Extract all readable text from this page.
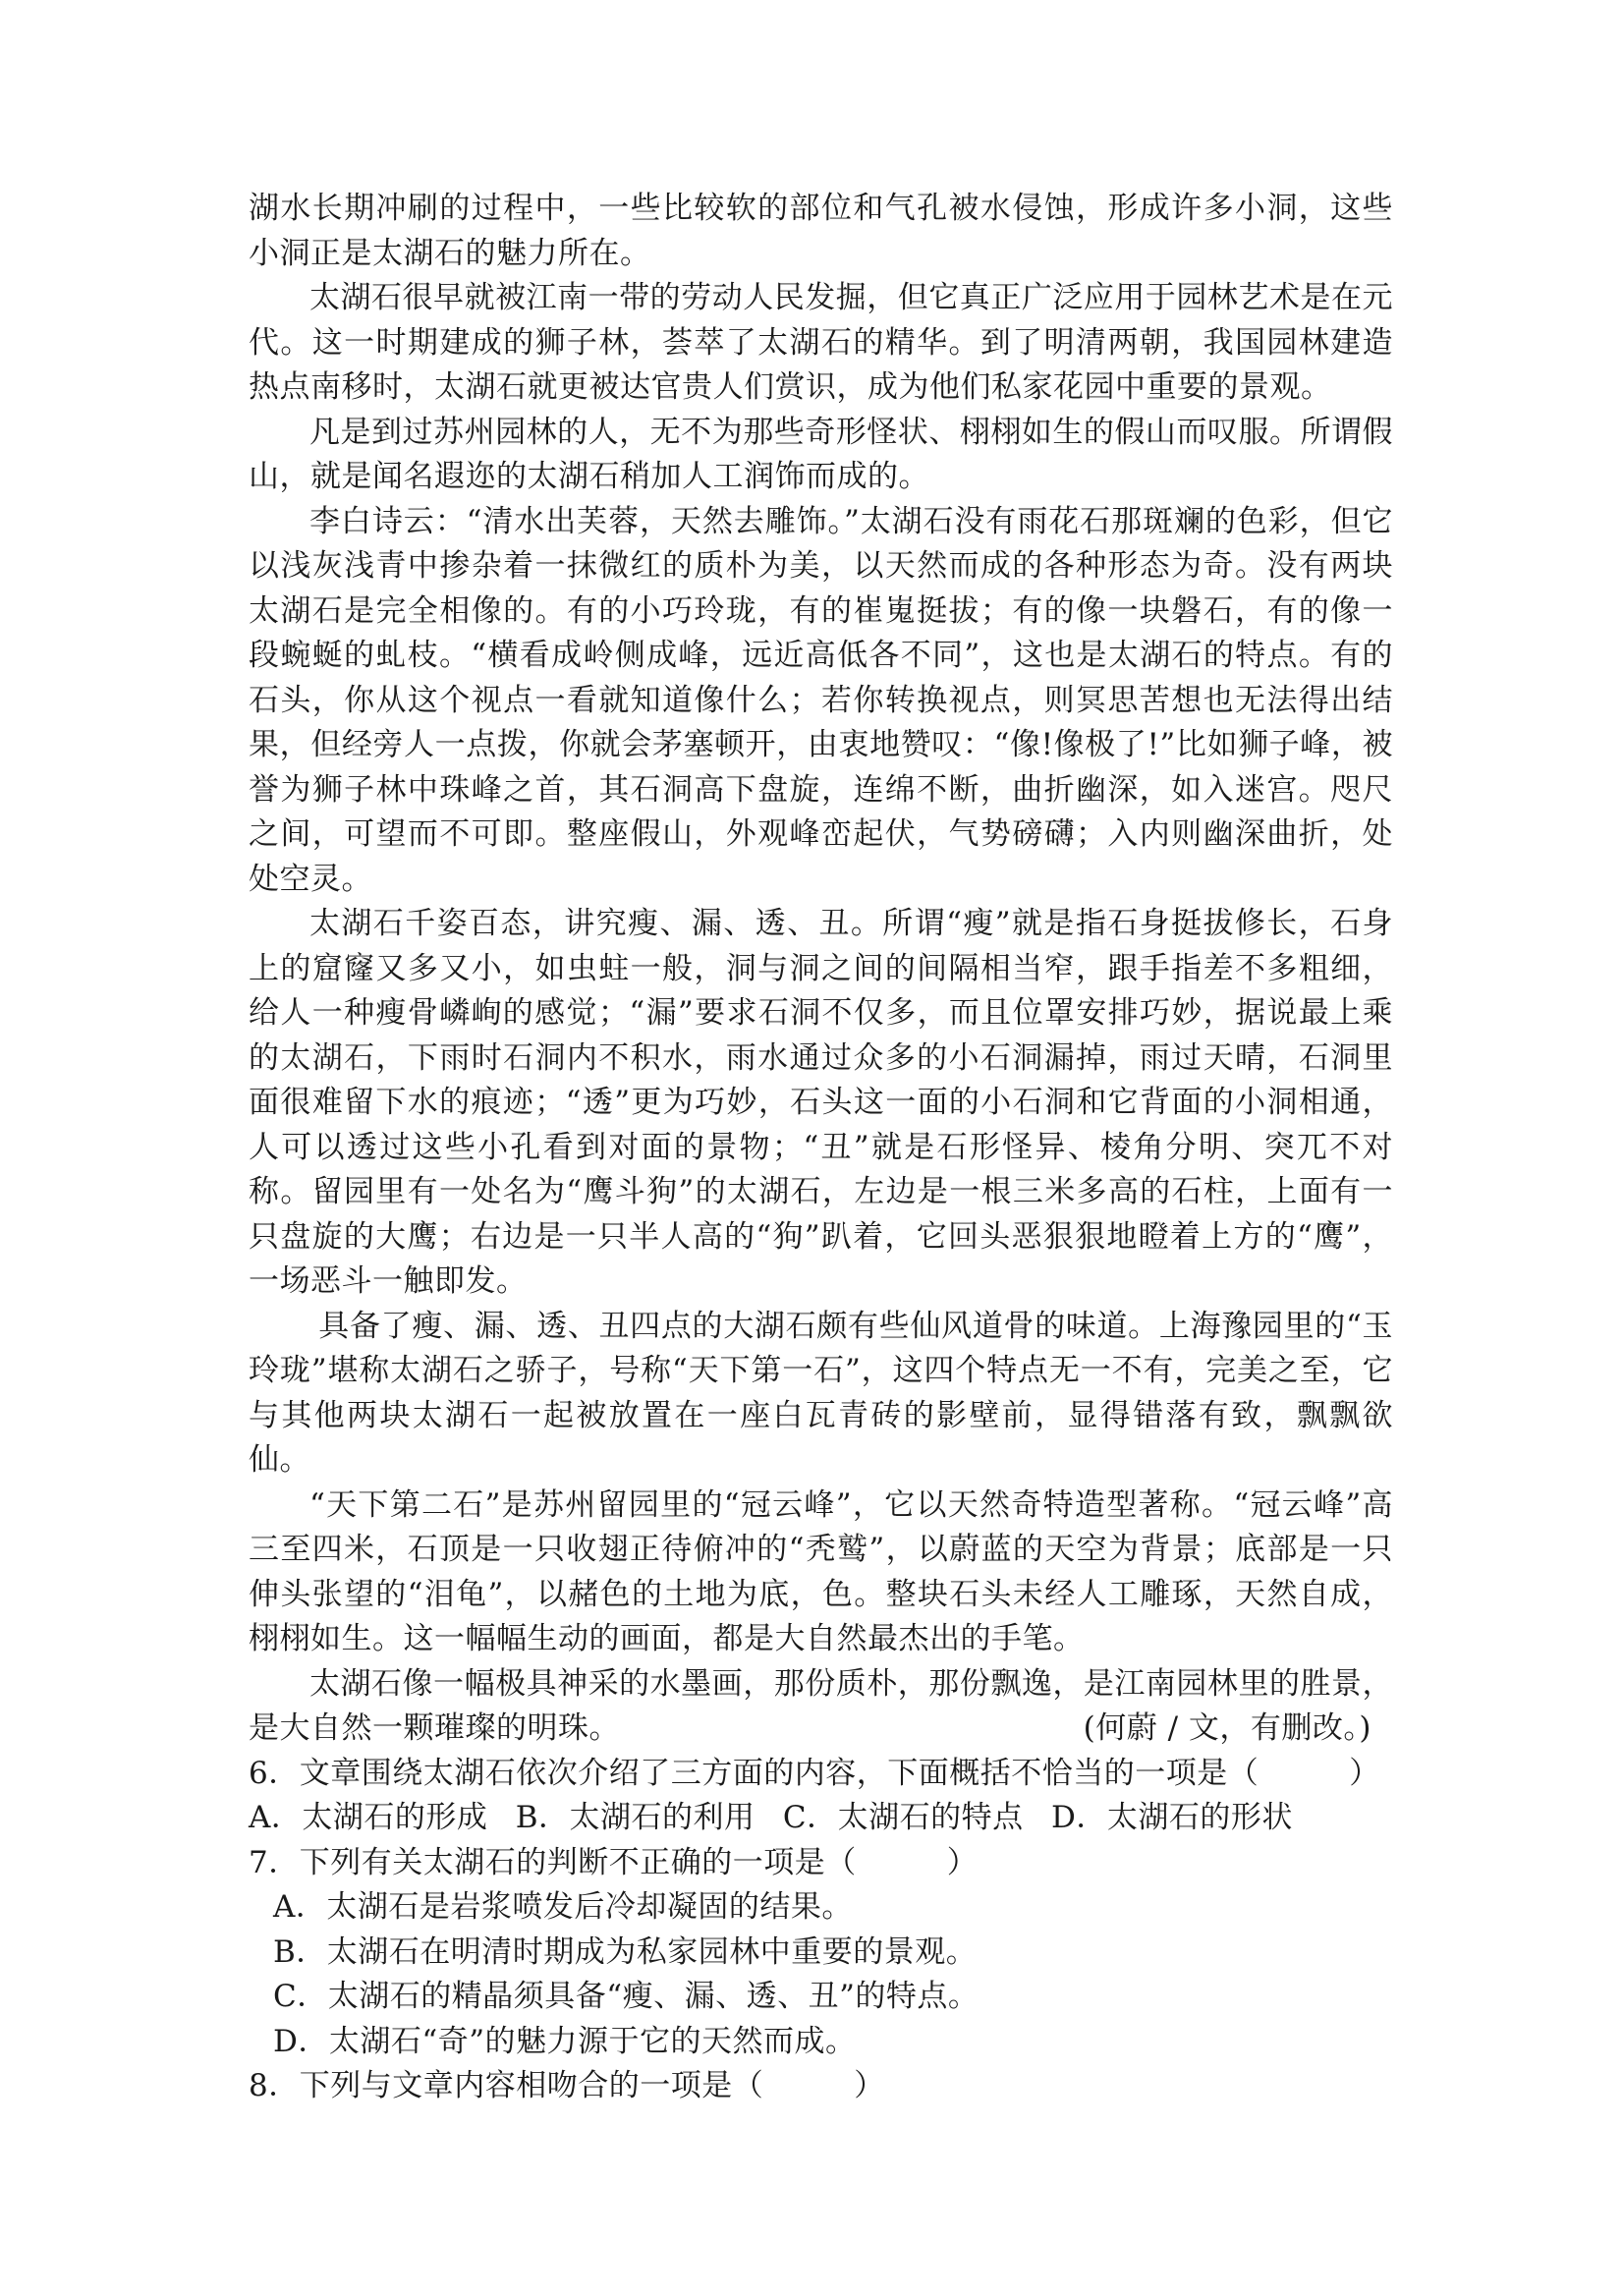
湖水长期冲刷的过程中，一些比较软的部位和气孔被水侵蚀，形成许多小洞，这些小洞正是太湖石的魅力所在。

太湖石很早就被江南一带的劳动人民发掘，但它真正广泛应用于园林艺术是在元代。这一时期建成的狮子林，荟萃了太湖石的精华。到了明清两朝，我国园林建造热点南移时，太湖石就更被达官贵人们赏识，成为他们私家花园中重要的景观。

凡是到过苏州园林的人，无不为那些奇形怪状、栩栩如生的假山而叹服。所谓假山，就是闻名遐迩的太湖石稍加人工润饰而成的。

李白诗云：“清水出芙蓉，天然去雕饰。”太湖石没有雨花石那斑斓的色彩，但它以浅灰浅青中掺杂着一抹微红的质朴为美，以天然而成的各种形态为奇。没有两块太湖石是完全相像的。有的小巧玲珑，有的崔嵬挺拔；有的像一块磐石，有的像一段蜿蜒的虬枝。“横看成岭侧成峰，远近高低各不同”，这也是太湖石的特点。有的石头，你从这个视点一看就知道像什么；若你转换视点，则冥思苦想也无法得出结果，但经旁人一点拨，你就会茅塞顿开，由衷地赞叹：“像!像极了!”比如狮子峰，被誉为狮子林中珠峰之首，其石洞高下盘旋，连绵不断，曲折幽深，如入迷宫。咫尺之间，可望而不可即。整座假山，外观峰峦起伏，气势磅礴；入内则幽深曲折，处处空灵。

太湖石千姿百态，讲究瘦、漏、透、丑。所谓“瘦”就是指石身挺拔修长，石身上的窟窿又多又小，如虫蛀一般，洞与洞之间的间隔相当窄，跟手指差不多粗细，给人一种瘦骨嶙峋的感觉；“漏”要求石洞不仅多，而且位罩安排巧妙，据说最上乘的太湖石，下雨时石洞内不积水，雨水通过众多的小石洞漏掉，雨过天晴，石洞里面很难留下水的痕迹；“透”更为巧妙，石头这一面的小石洞和它背面的小洞相通，人可以透过这些小孔看到对面的景物；“丑”就是石形怪异、棱角分明、突兀不对称。留园里有一处名为“鹰斗狗”的太湖石，左边是一根三米多高的石柱，上面有一只盘旋的大鹰；右边是一只半人高的“狗”趴着，它回头恶狠狠地瞪着上方的“鹰”，一场恶斗一触即发。

具备了瘦、漏、透、丑四点的大湖石颇有些仙风道骨的味道。上海豫园里的“玉玲珑”堪称太湖石之骄子，号称“天下第一石”，这四个特点无一不有，完美之至，它与其他两块太湖石一起被放置在一座白瓦青砖的影壁前，显得错落有致，飘飘欲仙。

“天下第二石”是苏州留园里的“冠云峰”，它以天然奇特造型著称。“冠云峰”高三至四米，石顶是一只收翅正待俯冲的“秃鹫”，以蔚蓝的天空为背景；底部是一只伸头张望的“泪龟”，以赭色的土地为底，色。整块石头未经人工雕琢，天然自成，栩栩如生。这一幅幅生动的画面，都是大自然最杰出的手笔。

太湖石像一幅极具神采的水墨画，那份质朴，那份飘逸，是江南园林里的胜景，是大自然一颗璀璨的明珠。	(何蔚 / 文，有删改。)

6．文章围绕太湖石依次介绍了三方面的内容，下面概括不恰当的一项是（	）

A．太湖石的形成 B．太湖石的利用 C．太湖石的特点 D．太湖石的形状

7．下列有关太湖石的判断不正确的一项是（	）

A．太湖石是岩浆喷发后冷却凝固的结果。

B．太湖石在明清时期成为私家园林中重要的景观。

C．太湖石的精晶须具备“瘦、漏、透、丑”的特点。

D．太湖石“奇”的魅力源于它的天然而成。

8．下列与文章内容相吻合的一项是（	）
